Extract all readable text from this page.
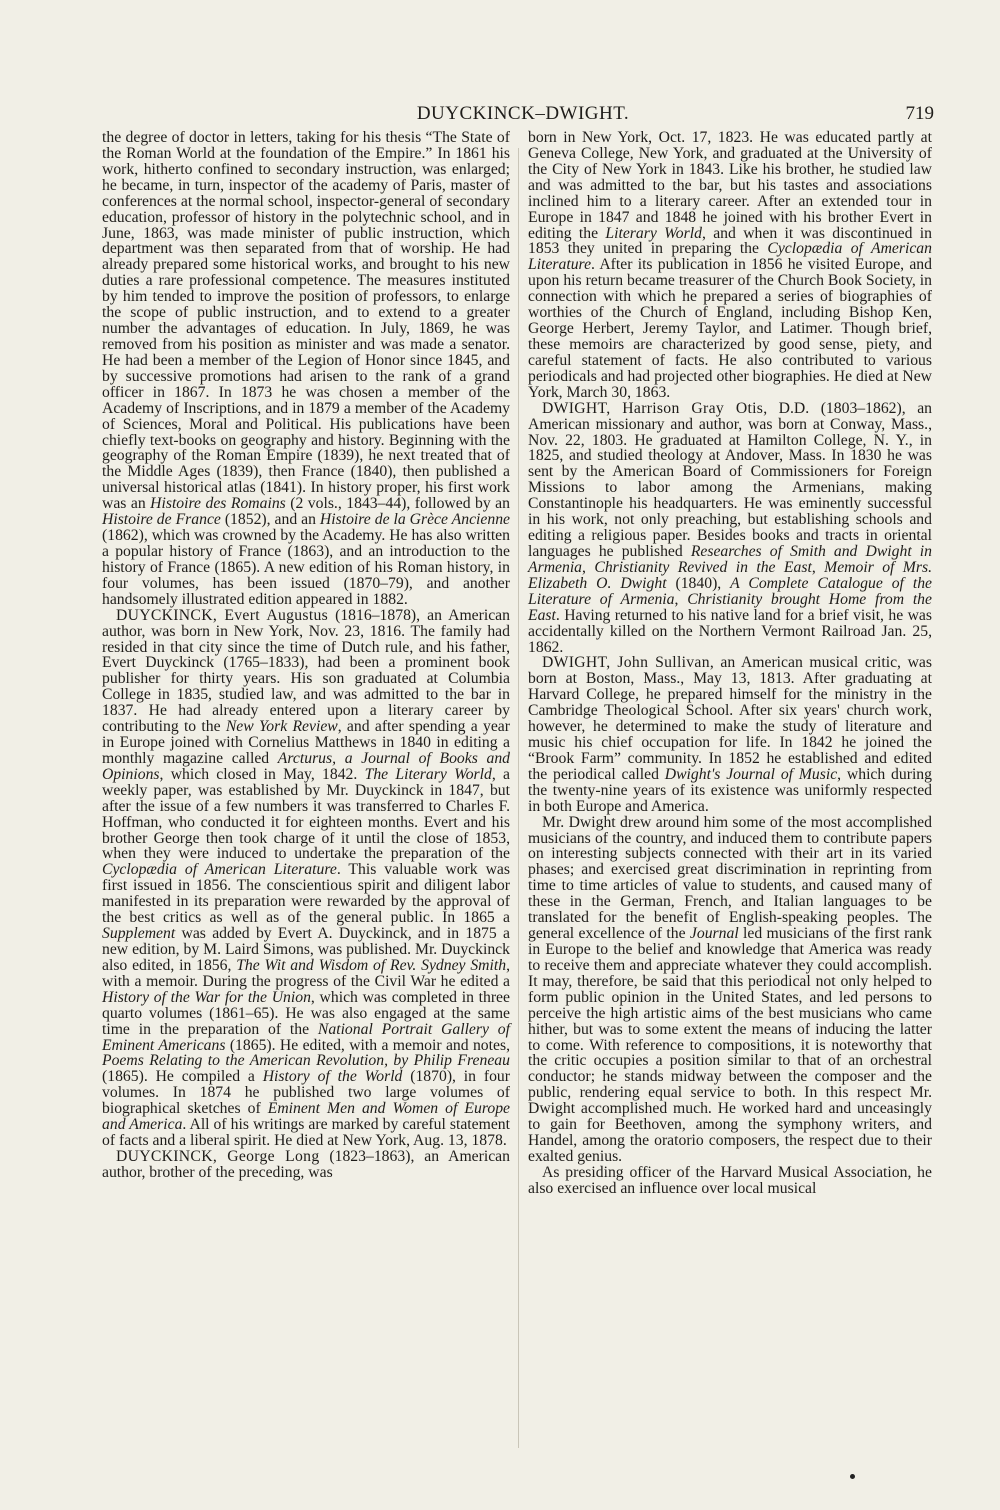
DUYCKINCK–DWIGHT.	719

the degree of doctor in letters, taking for his thesis “The State of the Roman World at the foundation of the Empire.” In 1861 his work, hitherto confined to secondary instruction, was enlarged; he became, in turn, inspector of the academy of Paris, master of conferences at the normal school, inspector-general of secondary education, professor of history in the polytechnic school, and in June, 1863, was made minister of public instruction, which department was then separated from that of worship. He had already prepared some historical works, and brought to his new duties a rare professional competence. The measures instituted by him tended to improve the position of professors, to enlarge the scope of public instruction, and to extend to a greater number the advantages of education. In July, 1869, he was removed from his position as minister and was made a senator. He had been a member of the Legion of Honor since 1845, and by successive promotions had arisen to the rank of a grand officer in 1867. In 1873 he was chosen a member of the Academy of Inscriptions, and in 1879 a member of the Academy of Sciences, Moral and Political. His publications have been chiefly text-books on geography and history. Beginning with the geography of the Roman Empire (1839), he next treated that of the Middle Ages (1839), then France (1840), then published a universal historical atlas (1841). In history proper, his first work was an Histoire des Romains (2 vols., 1843–44), followed by an Histoire de France (1852), and an Histoire de la Grèce Ancienne (1862), which was crowned by the Academy. He has also written a popular history of France (1863), and an introduction to the history of France (1865). A new edition of his Roman history, in four volumes, has been issued (1870–79), and another handsomely illustrated edition appeared in 1882.

DUYCKINCK, Evert Augustus (1816–1878), an American author, was born in New York, Nov. 23, 1816. The family had resided in that city since the time of Dutch rule, and his father, Evert Duyckinck (1765–1833), had been a prominent book publisher for thirty years. His son graduated at Columbia College in 1835, studied law, and was admitted to the bar in 1837. He had already entered upon a literary career by contributing to the New York Review, and after spending a year in Europe joined with Cornelius Matthews in 1840 in editing a monthly magazine called Arcturus, a Journal of Books and Opinions, which closed in May, 1842. The Literary World, a weekly paper, was established by Mr. Duyckinck in 1847, but after the issue of a few numbers it was transferred to Charles F. Hoffman, who conducted it for eighteen months. Evert and his brother George then took charge of it until the close of 1853, when they were induced to undertake the preparation of the Cyclopædia of American Literature. This valuable work was first issued in 1856. The conscientious spirit and diligent labor manifested in its preparation were rewarded by the approval of the best critics as well as of the general public. In 1865 a Supplement was added by Evert A. Duyckinck, and in 1875 a new edition, by M. Laird Simons, was published. Mr. Duyckinck also edited, in 1856, The Wit and Wisdom of Rev. Sydney Smith, with a memoir. During the progress of the Civil War he edited a History of the War for the Union, which was completed in three quarto volumes (1861–65). He was also engaged at the same time in the preparation of the National Portrait Gallery of Eminent Americans (1865). He edited, with a memoir and notes, Poems Relating to the American Revolution, by Philip Freneau (1865). He compiled a History of the World (1870), in four volumes. In 1874 he published two large volumes of biographical sketches of Eminent Men and Women of Europe and America. All of his writings are marked by careful statement of facts and a liberal spirit. He died at New York, Aug. 13, 1878.

DUYCKINCK, George Long (1823–1863), an American author, brother of the preceding, was

born in New York, Oct. 17, 1823. He was educated partly at Geneva College, New York, and graduated at the University of the City of New York in 1843. Like his brother, he studied law and was admitted to the bar, but his tastes and associations inclined him to a literary career. After an extended tour in Europe in 1847 and 1848 he joined with his brother Evert in editing the Literary World, and when it was discontinued in 1853 they united in preparing the Cyclopædia of American Literature. After its publication in 1856 he visited Europe, and upon his return became treasurer of the Church Book Society, in connection with which he prepared a series of biographies of worthies of the Church of England, including Bishop Ken, George Herbert, Jeremy Taylor, and Latimer. Though brief, these memoirs are characterized by good sense, piety, and careful statement of facts. He also contributed to various periodicals and had projected other biographies. He died at New York, March 30, 1863.

DWIGHT, Harrison Gray Otis, D.D. (1803–1862), an American missionary and author, was born at Conway, Mass., Nov. 22, 1803. He graduated at Hamilton College, N. Y., in 1825, and studied theology at Andover, Mass. In 1830 he was sent by the American Board of Commissioners for Foreign Missions to labor among the Armenians, making Constantinople his headquarters. He was eminently successful in his work, not only preaching, but establishing schools and editing a religious paper. Besides books and tracts in oriental languages he published Researches of Smith and Dwight in Armenia, Christianity Revived in the East, Memoir of Mrs. Elizabeth O. Dwight (1840), A Complete Catalogue of the Literature of Armenia, Christianity brought Home from the East. Having returned to his native land for a brief visit, he was accidentally killed on the Northern Vermont Railroad Jan. 25, 1862.

DWIGHT, John Sullivan, an American musical critic, was born at Boston, Mass., May 13, 1813. After graduating at Harvard College, he prepared himself for the ministry in the Cambridge Theological School. After six years' church work, however, he determined to make the study of literature and music his chief occupation for life. In 1842 he joined the “Brook Farm” community. In 1852 he established and edited the periodical called Dwight's Journal of Music, which during the twenty-nine years of its existence was uniformly respected in both Europe and America.

Mr. Dwight drew around him some of the most accomplished musicians of the country, and induced them to contribute papers on interesting subjects connected with their art in its varied phases; and exercised great discrimination in reprinting from time to time articles of value to students, and caused many of these in the German, French, and Italian languages to be translated for the benefit of English-speaking peoples. The general excellence of the Journal led musicians of the first rank in Europe to the belief and knowledge that America was ready to receive them and appreciate whatever they could accomplish. It may, therefore, be said that this periodical not only helped to form public opinion in the United States, and led persons to perceive the high artistic aims of the best musicians who came hither, but was to some extent the means of inducing the latter to come. With reference to compositions, it is noteworthy that the critic occupies a position similar to that of an orchestral conductor; he stands midway between the composer and the public, rendering equal service to both. In this respect Mr. Dwight accomplished much. He worked hard and unceasingly to gain for Beethoven, among the symphony writers, and Handel, among the oratorio composers, the respect due to their exalted genius.

As presiding officer of the Harvard Musical Association, he also exercised an influence over local musical
